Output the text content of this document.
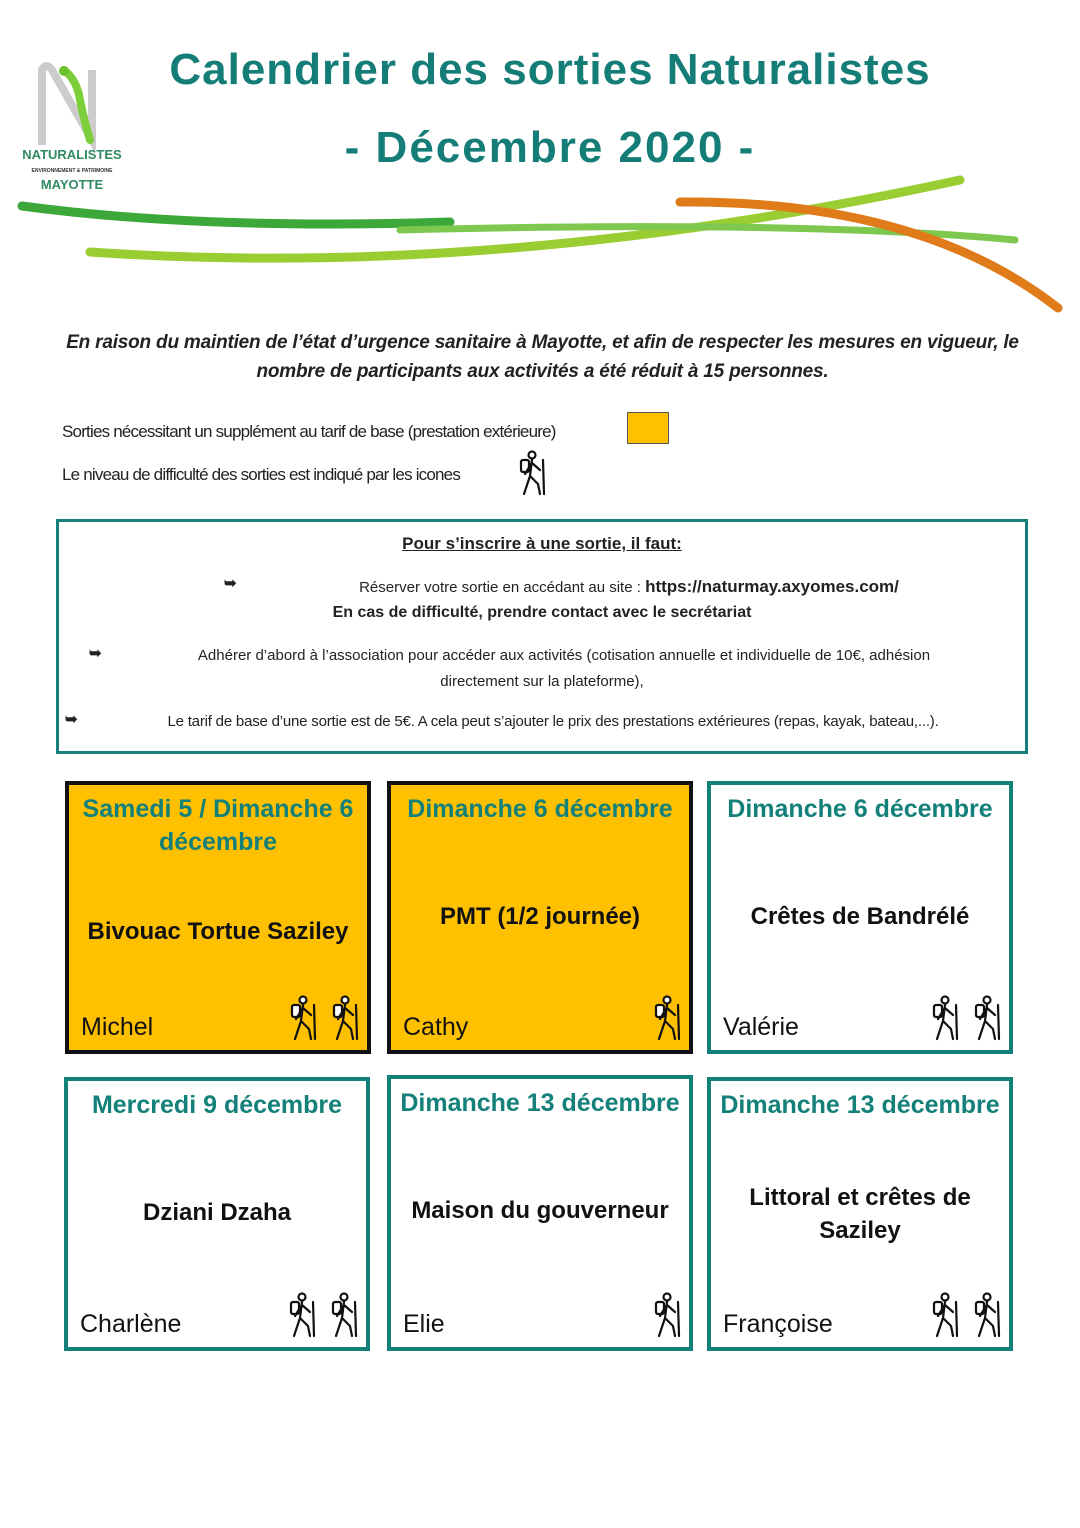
NATURALISTES
ENVIRONNEMENT & PATRIMOINE
MAYOTTE
Calendrier des sorties Naturalistes
- Décembre 2020 -
En raison du maintien de l’état d’urgence sanitaire à Mayotte, et afin de respecter les mesures en vigueur, le nombre de participants aux activités a été réduit à 15 personnes.
Sorties nécessitant un supplément au tarif de base (prestation extérieure)
Le niveau de difficulté des sorties est indiqué par les icones
Pour s’inscrire à une sortie, il faut:
➥	Réserver votre sortie en accédant au site : https://naturmay.axyomes.com/
En cas de difficulté, prendre contact avec le secrétariat
➥	Adhérer d’abord à l’association pour accéder aux activités (cotisation annuelle et individuelle de 10€, adhésion
directement sur la plateforme),
➥	Le tarif de base d’une sortie est de 5€. A cela peut s’ajouter le prix des prestations extérieures (repas, kayak, bateau,...).
Samedi 5 / Dimanche 6 décembre
Bivouac Tortue Saziley
Michel
Dimanche 6 décembre
PMT (1/2 journée)
Cathy
Dimanche 6 décembre
Crêtes de Bandrélé
Valérie
Mercredi 9 décembre
Dziani Dzaha
Charlène
Dimanche 13 décembre
Maison du gouverneur
Elie
Dimanche 13 décembre
Littoral et crêtes de Saziley
Françoise
